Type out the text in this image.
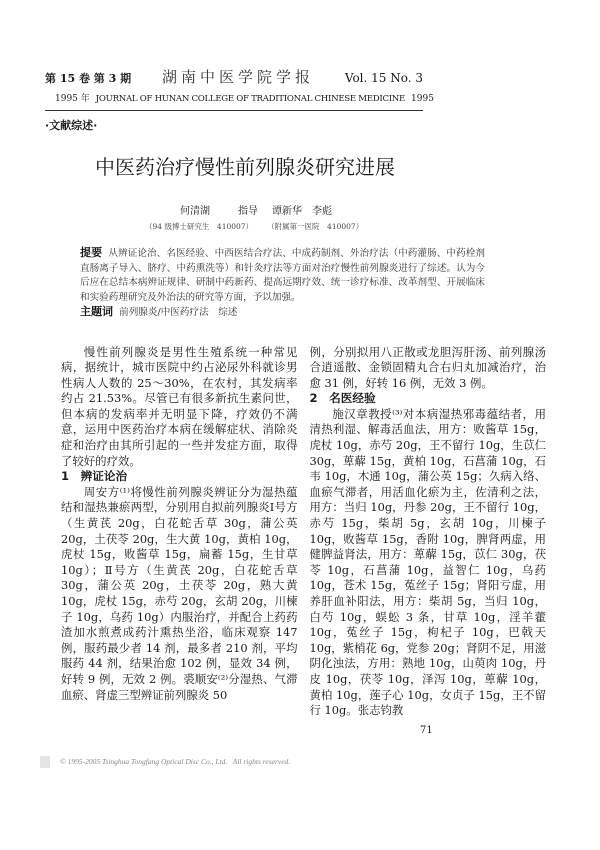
第 15 卷 第 3 期 湖南中医学院学报	Vol. 15 No. 3
1995 年 JOURNAL OF HUNAN COLLEGE OF TRADITIONAL CHINESE MEDICINE 1995
·文献综述·
中医药治疗慢性前列腺炎研究进展
何清湖	指导 谭新华　李彪
（94 级博士研究生　410007） （附属第一医院　410007）
提要 从辨证论治、名医经验、中西医结合疗法、中成药制剂、外治疗法（中药灌肠、中药栓剂直肠离子导入、脐疗、中药熏洗等）和针灸疗法等方面对治疗慢性前列腺炎进行了综述。认为今后应在总结本病辨证规律、研制中药新药、提高远期疗效、统一诊疗标准、改革剂型、开展临床和实验药理研究及外治法的研究等方面，予以加强。
主题词 前列腺炎/中医药疗法　综述

慢性前列腺炎是男性生殖系统一种常见病，据统计，城市医院中约占泌尿外科就诊男性病人人数的 25～30%，在农村，其发病率约占 21.53%。尽管已有很多新抗生素问世，但本病的发病率并无明显下降，疗效仍不满意，运用中医药治疗本病在缓解症状、消除炎症和治疗由其所引起的一些并发症方面，取得了较好的疗效。

1　辨证论治

周安方⁽¹⁾将慢性前列腺炎辨证分为湿热蕴结和湿热兼瘀两型，分别用自拟前列腺炎Ⅰ号方（生黄芪 20g，白花蛇舌草 30g，蒲公英 20g，土茯苓 20g，生大黄 10g，黄柏 10g，虎杖 15g，败酱草 15g，扁蓄 15g，生甘草 10g）；Ⅱ号方（生黄芪 20g，白花蛇舌草 30g，蒲公英 20g，土茯苓 20g，熟大黄 10g，虎杖 15g，赤芍 20g，玄胡 20g，川楝子 10g，乌药 10g）内服治疗，并配合上药药渣加水煎煮成药汁熏热坐浴，临床观察 147 例，服药最少者 14 剂，最多者 210 剂，平均服药 44 剂，结果治愈 102 例，显效 34 例，好转 9 例，无效 2 例。裘顺安⁽²⁾分湿热、气滞血瘀、肾虚三型辨证前列腺炎 50

例，分别拟用八正散或龙胆泻肝汤、前列腺汤合逍遥散、金锁固精丸合右归丸加减治疗，治愈 31 例，好转 16 例，无效 3 例。

2　名医经验

施汉章教授⁽³⁾对本病湿热邪毒蕴结者，用清热利湿、解毒活血法，用方：败酱草 15g，虎杖 10g，赤芍 20g，王不留行 10g，生苡仁 30g，萆薢 15g，黄柏 10g，石菖蒲 10g，石韦 10g，木通 10g，蒲公英 15g；久病入络、血瘀气滞者，用活血化瘀为主，佐清利之法，用方：当归 10g，丹参 20g，王不留行 10g，赤芍 15g，柴胡 5g，玄胡 10g，川楝子 10g，败酱草 15g，香附 10g，脾肾两虚，用健脾益肾法，用方：萆薢 15g，苡仁 30g，茯苓 10g，石菖蒲 10g，益智仁 10g，乌药 10g，苍术 15g，菟丝子 15g；肾阳亏虚，用养肝血补阳法，用方：柴胡 5g，当归 10g，白芍 10g，蜈蚣 3 条，甘草 10g，淫羊藿 10g，菟丝子 15g，枸杞子 10g，巴戟天 10g，紫梢花 6g，党参 20g；肾阴不足，用滋阴化浊法，方用：熟地 10g，山萸肉 10g，丹皮 10g，茯苓 10g，泽泻 10g，萆薢 10g，黄柏 10g，莲子心 10g，女贞子 15g，王不留行 10g。张志钧教

71
© 1995-2005 Tsinghua Tongfang Optical Disc Co., Ltd.   All rights reserved.
